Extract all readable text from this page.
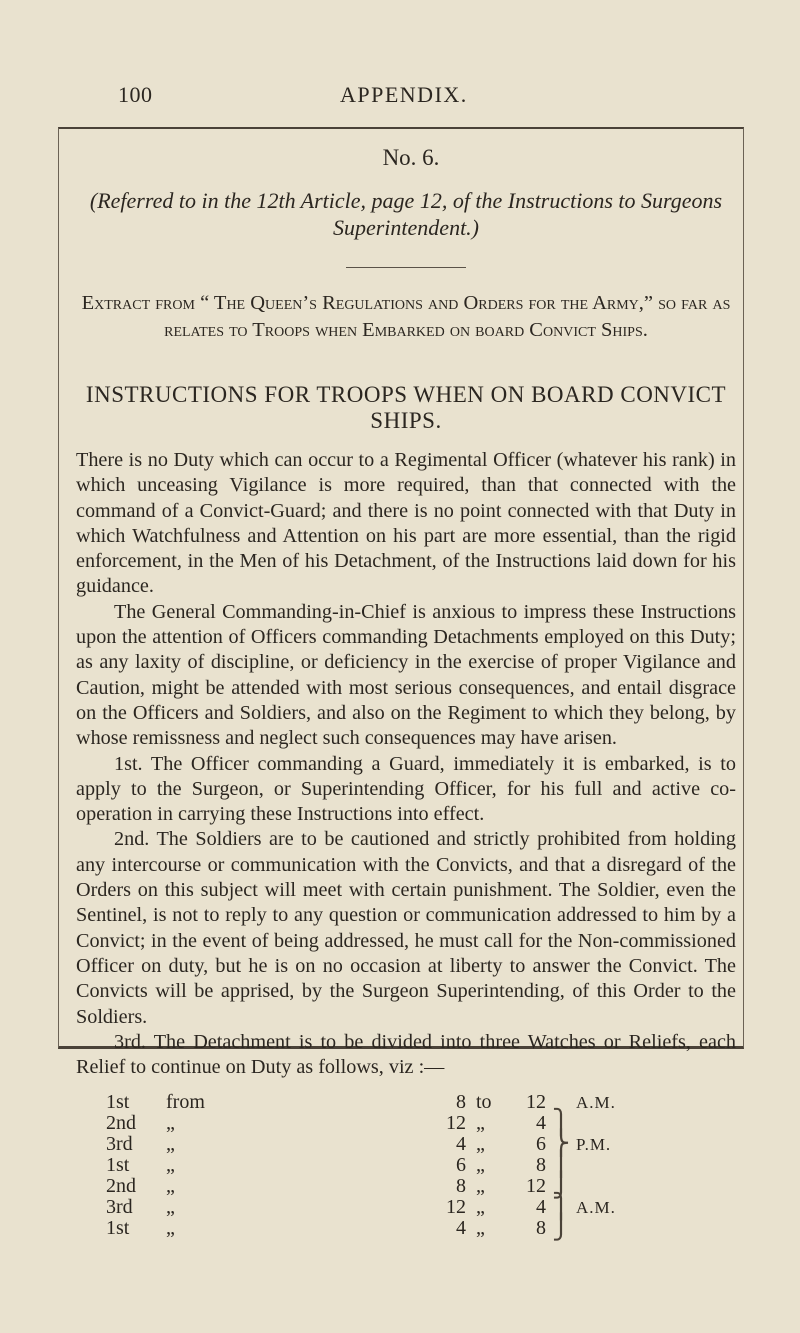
100	APPENDIX.

No. 6.

(Referred to in the 12th Article, page 12, of the Instructions to Surgeons Superintendent.)

Extract from “ The Queen’s Regulations and Orders for the Army,” so far as relates to Troops when Embarked on board Convict Ships.

INSTRUCTIONS FOR TROOPS WHEN ON BOARD CONVICT SHIPS.

There is no Duty which can occur to a Regimental Officer (whatever his rank) in which unceasing Vigilance is more required, than that connected with the command of a Convict-Guard; and there is no point connected with that Duty in which Watchfulness and Attention on his part are more essential, than the rigid enforcement, in the Men of his Detachment, of the Instructions laid down for his guidance.

The General Commanding-in-Chief is anxious to impress these Instructions upon the attention of Officers commanding Detachments employed on this Duty; as any laxity of discipline, or deficiency in the exercise of proper Vigilance and Caution, might be attended with most serious consequences, and entail disgrace on the Officers and Soldiers, and also on the Regiment to which they belong, by whose remissness and neglect such consequences may have arisen.

1st. The Officer commanding a Guard, immediately it is embarked, is to apply to the Surgeon, or Superintending Officer, for his full and active co-operation in carrying these Instructions into effect.

2nd. The Soldiers are to be cautioned and strictly prohibited from holding any intercourse or communication with the Convicts, and that a disregard of the Orders on this subject will meet with certain punishment. The Soldier, even the Sentinel, is not to reply to any question or communication addressed to him by a Convict; in the event of being addressed, he must call for the Non-commissioned Officer on duty, but he is on no occasion at liberty to answer the Convict. The Convicts will be apprised, by the Surgeon Superintending, of this Order to the Soldiers.

3rd. The Detachment is to be divided into three Watches or Reliefs, each Relief to continue on Duty as follows, viz :—

1st	from	8	to	12		A.M.
2nd	„	12	„	4	⎫	
3rd	„	4	„	6	⎬	P.M.
1st	„	6	„	8	⎪	
2nd	„	8	„	12	⎭	
3rd	„	12	„	4	⎫	A.M.
1st	„	4	„	8	⎭	
